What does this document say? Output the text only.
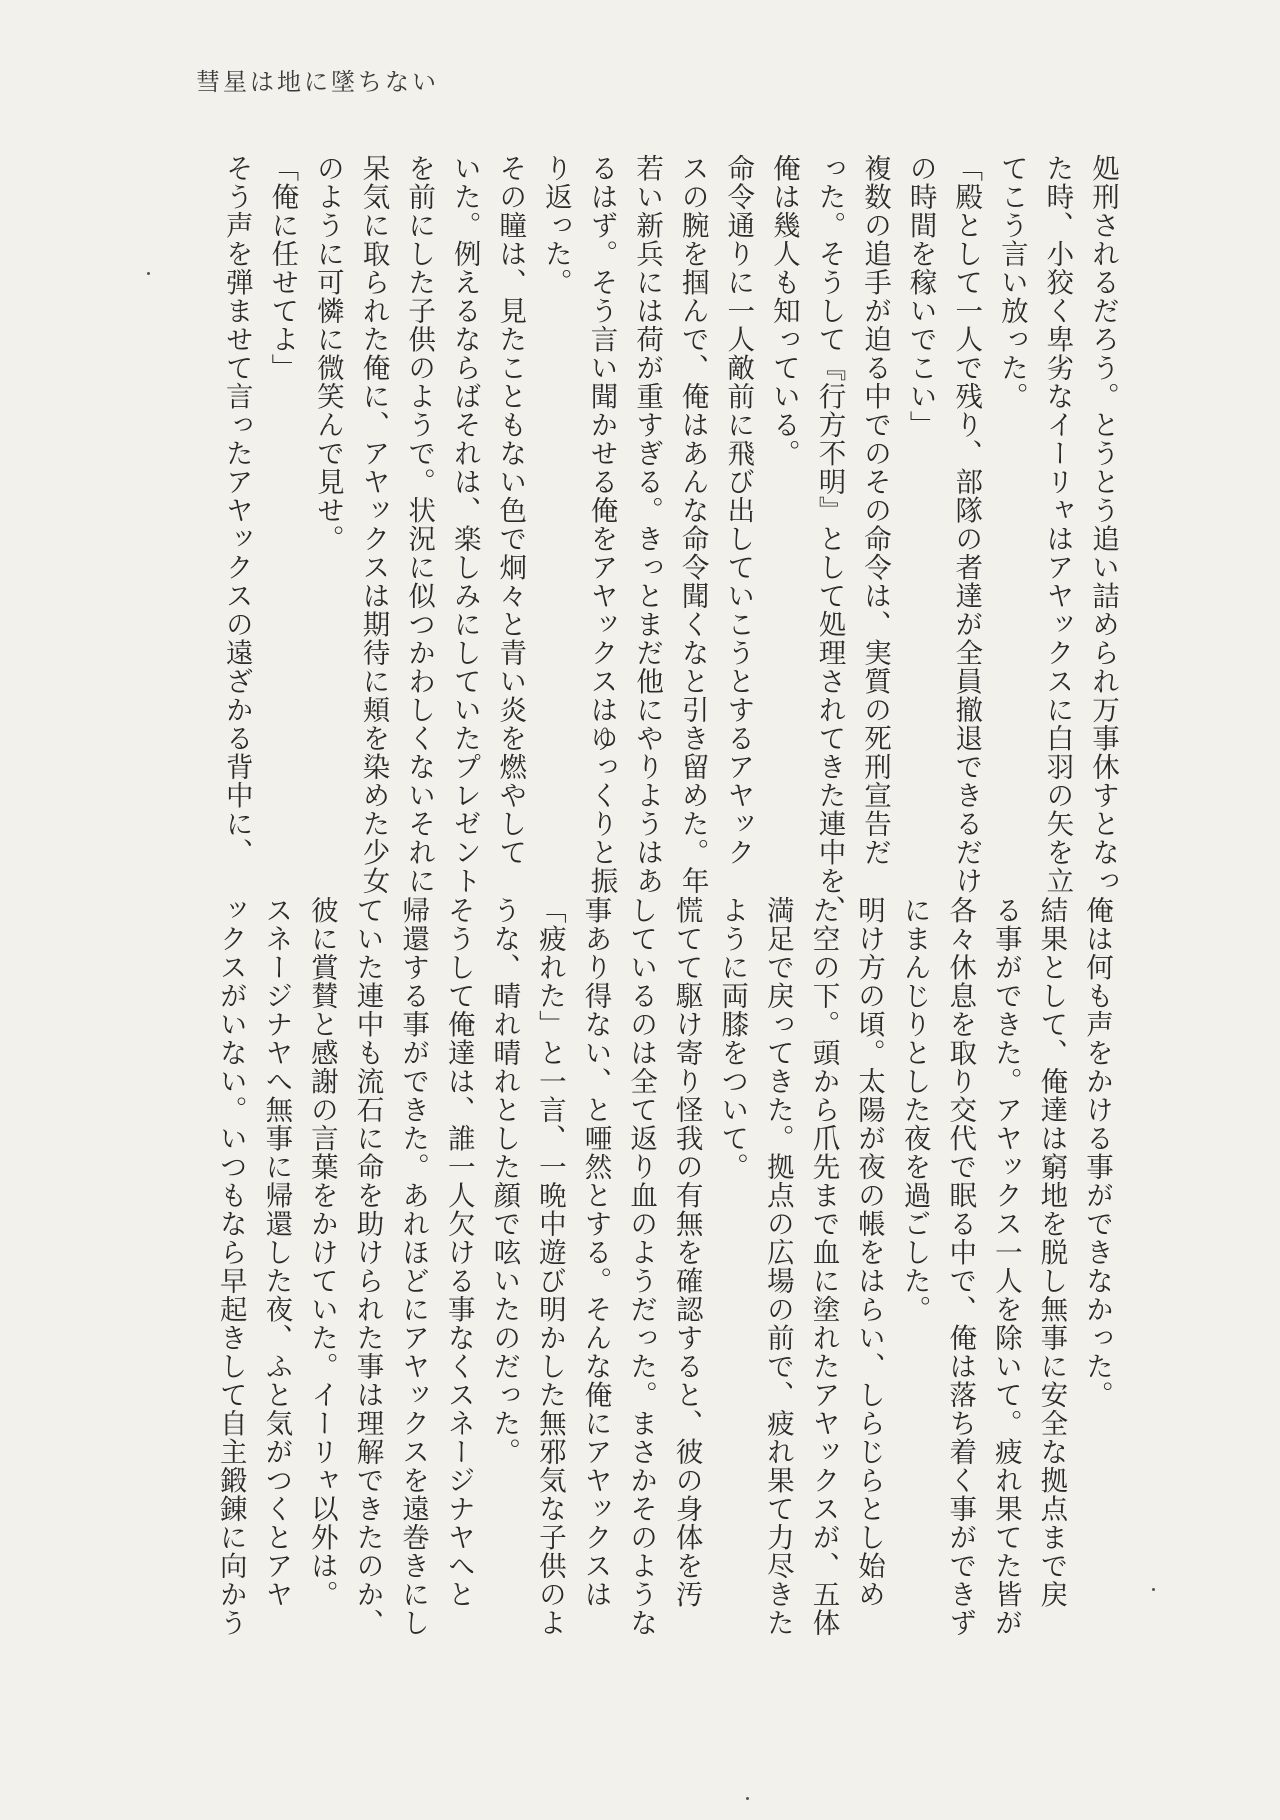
彗星は地に墜ちない
処刑されるだろう。とうとう追い詰められ万事休すとなっ
た時、小狡く卑劣なイーリャはアヤックスに白羽の矢を立
てこう言い放った。
「殿として一人で残り、部隊の者達が全員撤退できるだけ
の時間を稼いでこい」
複数の追手が迫る中でのその命令は、実質の死刑宣告だ
った。そうして『行方不明』として処理されてきた連中を、
俺は幾人も知っている。
命令通りに一人敵前に飛び出していこうとするアヤック
スの腕を掴んで、俺はあんな命令聞くなと引き留めた。年
若い新兵には荷が重すぎる。きっとまだ他にやりようはあ
るはず。そう言い聞かせる俺をアヤックスはゆっくりと振
り返った。
その瞳は、見たこともない色で炯々と青い炎を燃やして
いた。例えるならばそれは、楽しみにしていたプレゼント
を前にした子供のようで。状況に似つかわしくないそれに
呆気に取られた俺に、アヤックスは期待に頬を染めた少女
のように可憐に微笑んで見せ。
「俺に任せてよ」
そう声を弾ませて言ったアヤックスの遠ざかる背中に、
俺は何も声をかける事ができなかった。
結果として、俺達は窮地を脱し無事に安全な拠点まで戻
る事ができた。アヤックス一人を除いて。疲れ果てた皆が
各々休息を取り交代で眠る中で、俺は落ち着く事ができず
にまんじりとした夜を過ごした。
明け方の頃。太陽が夜の帳をはらい、しらじらとし始め
た空の下。頭から爪先まで血に塗れたアヤックスが、五体
満足で戻ってきた。拠点の広場の前で、疲れ果て力尽きた
ように両膝をついて。
慌てて駆け寄り怪我の有無を確認すると、彼の身体を汚
しているのは全て返り血のようだった。まさかそのような
事あり得ない、と唖然とする。そんな俺にアヤックスは
「疲れた」と一言、一晩中遊び明かした無邪気な子供のよ
うな、晴れ晴れとした顔で呟いたのだった。
そうして俺達は、誰一人欠ける事なくスネージナヤへと
帰還する事ができた。あれほどにアヤックスを遠巻きにし
ていた連中も流石に命を助けられた事は理解できたのか、
彼に賞賛と感謝の言葉をかけていた。イーリャ以外は。
スネージナヤへ無事に帰還した夜、ふと気がつくとアヤ
ックスがいない。いつもなら早起きして自主鍛錬に向かう
